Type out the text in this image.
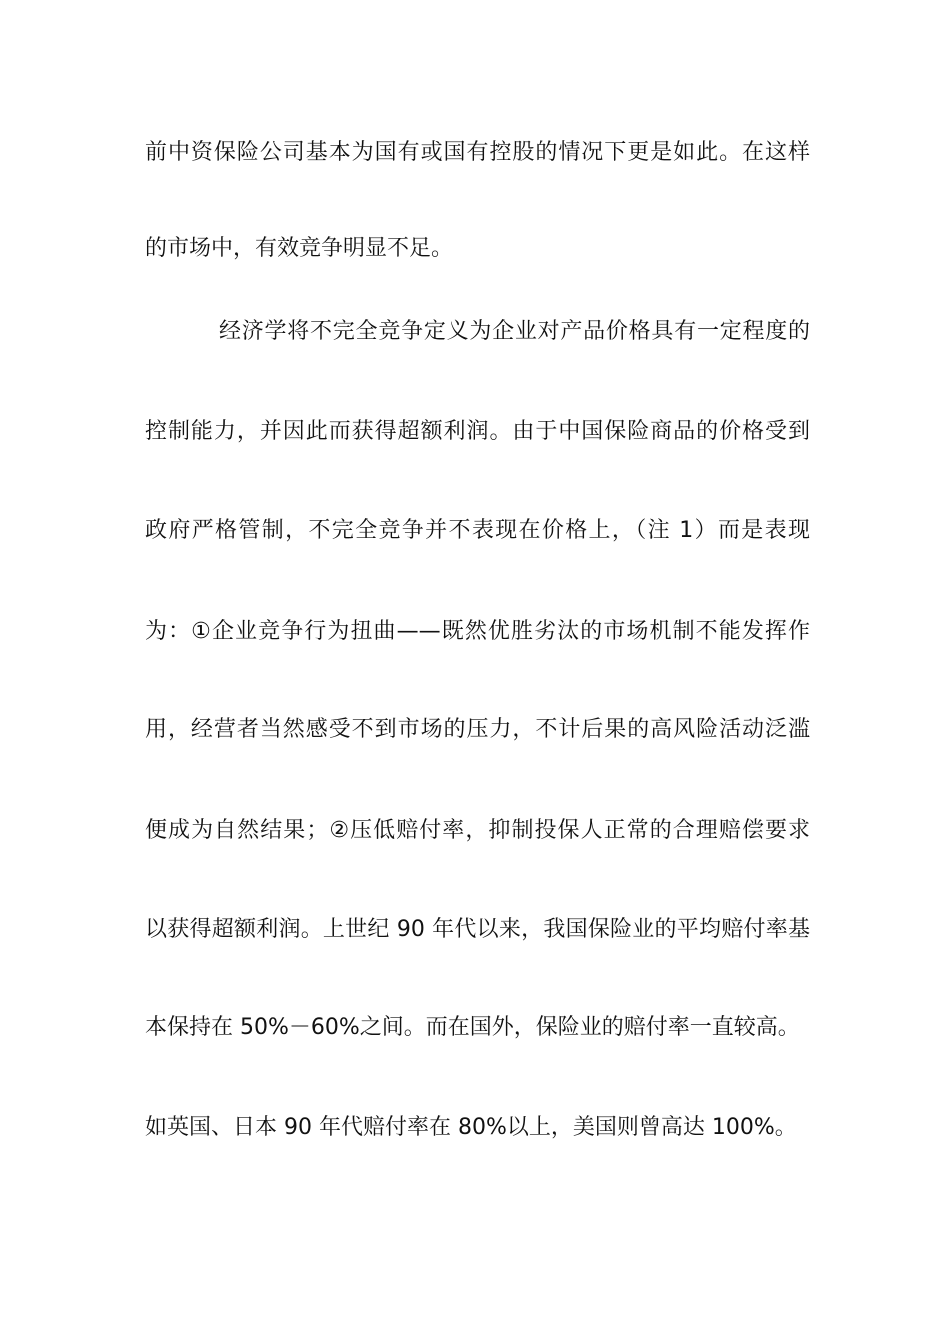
前中资保险公司基本为国有或国有控股的情况下更是如此。在这样
的市场中，有效竞争明显不足。
经济学将不完全竞争定义为企业对产品价格具有一定程度的
控制能力，并因此而获得超额利润。由于中国保险商品的价格受到
政府严格管制，不完全竞争并不表现在价格上，（注 1）而是表现
为：①企业竞争行为扭曲——既然优胜劣汰的市场机制不能发挥作
用，经营者当然感受不到市场的压力，不计后果的高风险活动泛滥
便成为自然结果；②压低赔付率，抑制投保人正常的合理赔偿要求
以获得超额利润。上世纪 90 年代以来，我国保险业的平均赔付率基
本保持在 50%－60%之间。而在国外，保险业的赔付率一直较高。
如英国、日本 90 年代赔付率在 80%以上，美国则曾高达 100%。
